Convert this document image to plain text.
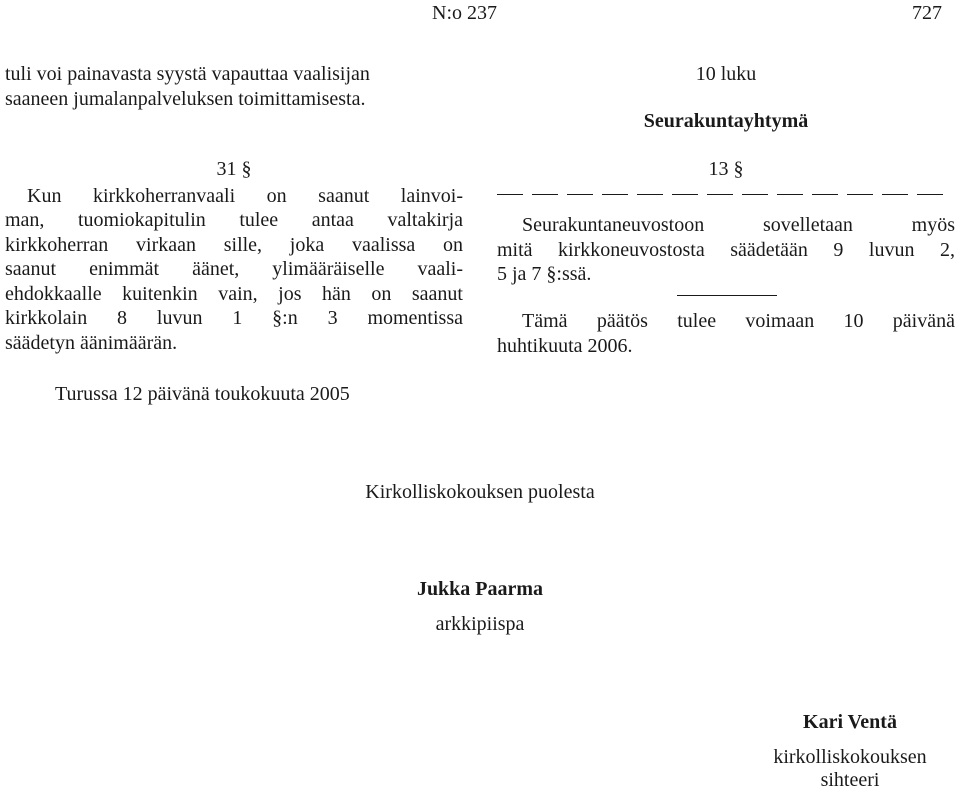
N:o 237	727
tuli voi painavasta syystä vapauttaa vaalisijan
saaneen jumalanpalveluksen toimittamisesta.
31 §
Kun kirkkoherranvaali on saanut lainvoi-
man, tuomiokapitulin tulee antaa valtakirja
kirkkoherran virkaan sille, joka vaalissa on
saanut enimmät äänet, ylimääräiselle vaali-
ehdokkaalle kuitenkin vain, jos hän on saanut
kirkkolain 8 luvun 1 §:n 3 momentissa
säädetyn äänimäärän.
10 luku
Seurakuntayhtymä
13 §
Seurakuntaneuvostoon sovelletaan myös
mitä kirkkoneuvostosta säädetään 9 luvun 2,
5 ja 7 §:ssä.
Tämä päätös tulee voimaan 10 päivänä
huhtikuuta 2006.
Turussa 12 päivänä toukokuuta 2005
Kirkolliskokouksen puolesta
Jukka Paarma
arkkipiispa
Kari Ventä
kirkolliskokouksen
sihteeri
